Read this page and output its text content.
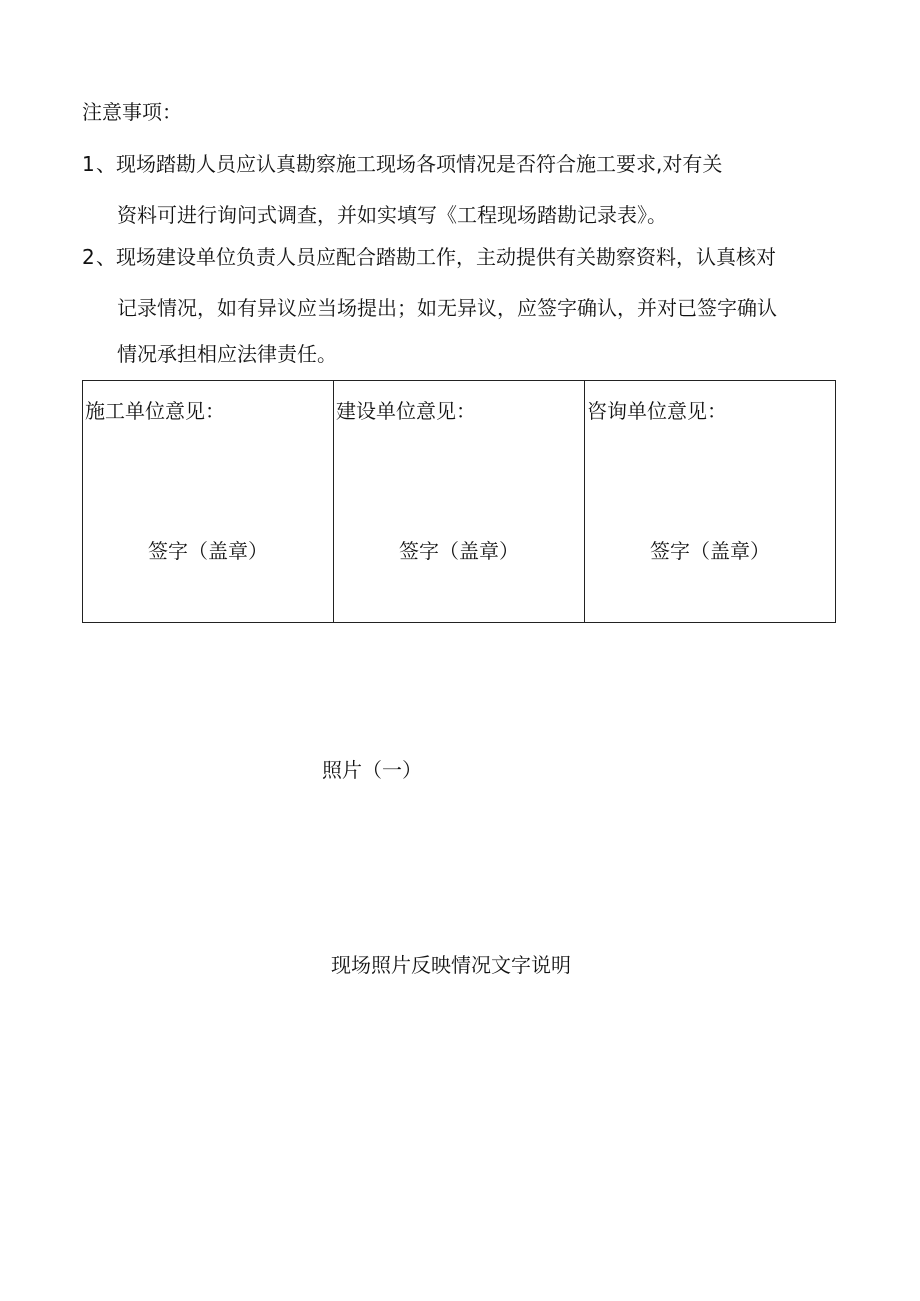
注意事项：
1、现场踏勘人员应认真勘察施工现场各项情况是否符合施工要求,对有关
资料可进行询问式调查，并如实填写《工程现场踏勘记录表》。
2、现场建设单位负责人员应配合踏勘工作，主动提供有关勘察资料，认真核对
记录情况，如有异议应当场提出；如无异议，应签字确认，并对已签字确认
情况承担相应法律责任。
施工单位意见：
签字（盖章）
建设单位意见：
签字（盖章）
咨询单位意见：
签字（盖章）
照片（一）
现场照片反映情况文字说明
